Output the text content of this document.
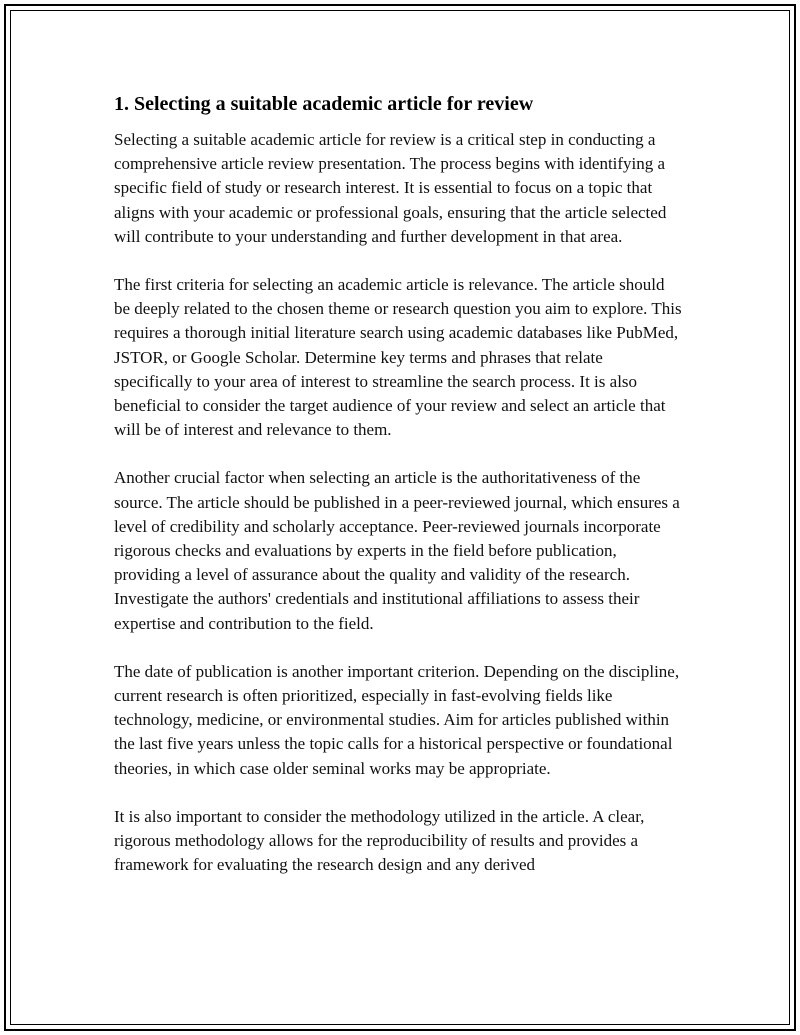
1. Selecting a suitable academic article for review

Selecting a suitable academic article for review is a critical step in conducting a comprehensive article review presentation. The process begins with identifying a specific field of study or research interest. It is essential to focus on a topic that aligns with your academic or professional goals, ensuring that the article selected will contribute to your understanding and further development in that area.

The first criteria for selecting an academic article is relevance. The article should be deeply related to the chosen theme or research question you aim to explore. This requires a thorough initial literature search using academic databases like PubMed, JSTOR, or Google Scholar. Determine key terms and phrases that relate specifically to your area of interest to streamline the search process. It is also beneficial to consider the target audience of your review and select an article that will be of interest and relevance to them.

Another crucial factor when selecting an article is the authoritativeness of the source. The article should be published in a peer-reviewed journal, which ensures a level of credibility and scholarly acceptance. Peer-reviewed journals incorporate rigorous checks and evaluations by experts in the field before publication, providing a level of assurance about the quality and validity of the research. Investigate the authors' credentials and institutional affiliations to assess their expertise and contribution to the field.

The date of publication is another important criterion. Depending on the discipline, current research is often prioritized, especially in fast-evolving fields like technology, medicine, or environmental studies. Aim for articles published within the last five years unless the topic calls for a historical perspective or foundational theories, in which case older seminal works may be appropriate.

It is also important to consider the methodology utilized in the article. A clear, rigorous methodology allows for the reproducibility of results and provides a framework for evaluating the research design and any derived
